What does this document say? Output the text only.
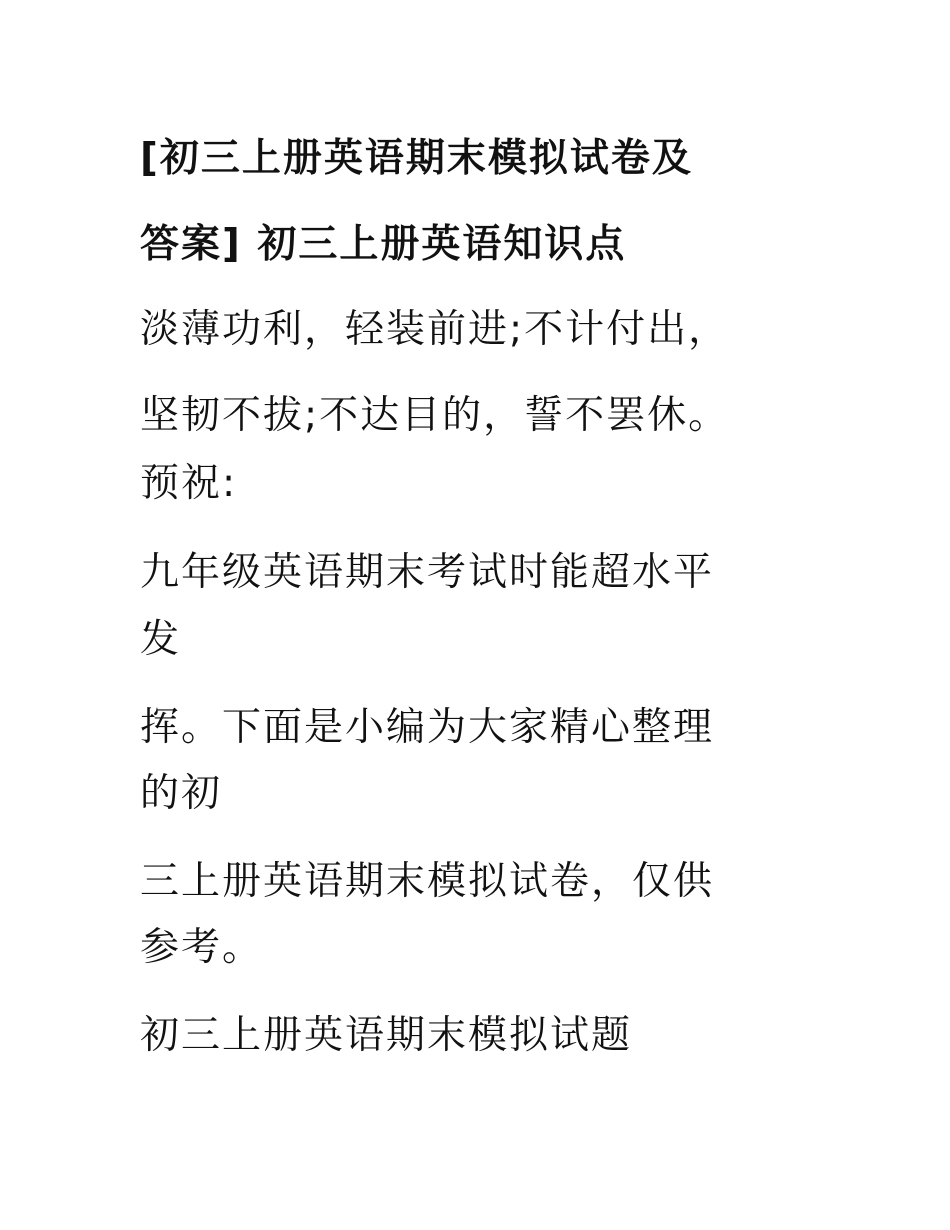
[初三上册英语期末模拟试卷及
答案] 初三上册英语知识点

淡薄功利，轻装前进;不计付出，

坚韧不拔;不达目的，誓不罢休。

预祝:

九年级英语期末考试时能超水平

发

挥。下面是小编为大家精心整理

的初

三上册英语期末模拟试卷，仅供

参考。

初三上册英语期末模拟试题
